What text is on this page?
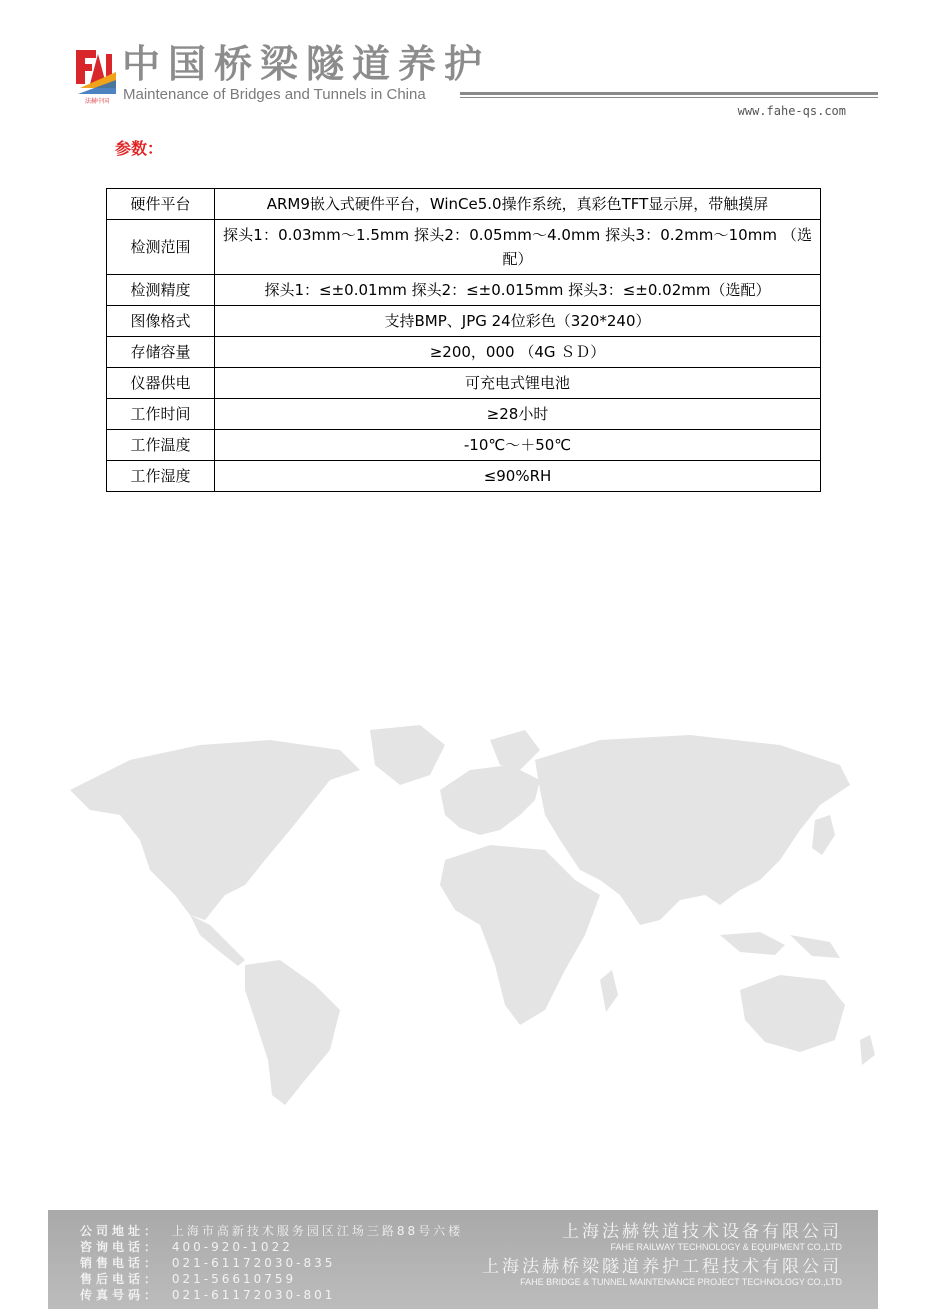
法赫中国
中国桥梁隧道养护
Maintenance of Bridges and Tunnels in China
www.fahe-qs.com
参数：
硬件平台	ARM9嵌入式硬件平台，WinCe5.0操作系统，真彩色TFT显示屏，带触摸屏
检测范围	探头1：0.03mm～1.5mm 探头2：0.05mm～4.0mm 探头3：0.2mm～10mm （选配）
检测精度	探头1：≤±0.01mm 探头2：≤±0.015mm 探头3：≤±0.02mm（选配）
图像格式	支持BMP、JPG 24位彩色（320*240）
存储容量	≥200，000 （4G ＳＤ）
仪器供电	可充电式锂电池
工作时间	≥28小时
工作温度	-10℃～＋50℃
工作湿度	≤90%RH
公司地址： 上海市高新技术服务园区江场三路88号六楼
咨询电话： 400-920-1022
销售电话： 021-61172030-835
售后电话： 021-56610759
传真号码： 021-61172030-801
上海法赫铁道技术设备有限公司
FAHE RAILWAY TECHNOLOGY & EQUIPMENT CO.,LTD
上海法赫桥梁隧道养护工程技术有限公司
FAHE BRIDGE & TUNNEL MAINTENANCE PROJECT TECHNOLOGY CO.,LTD
